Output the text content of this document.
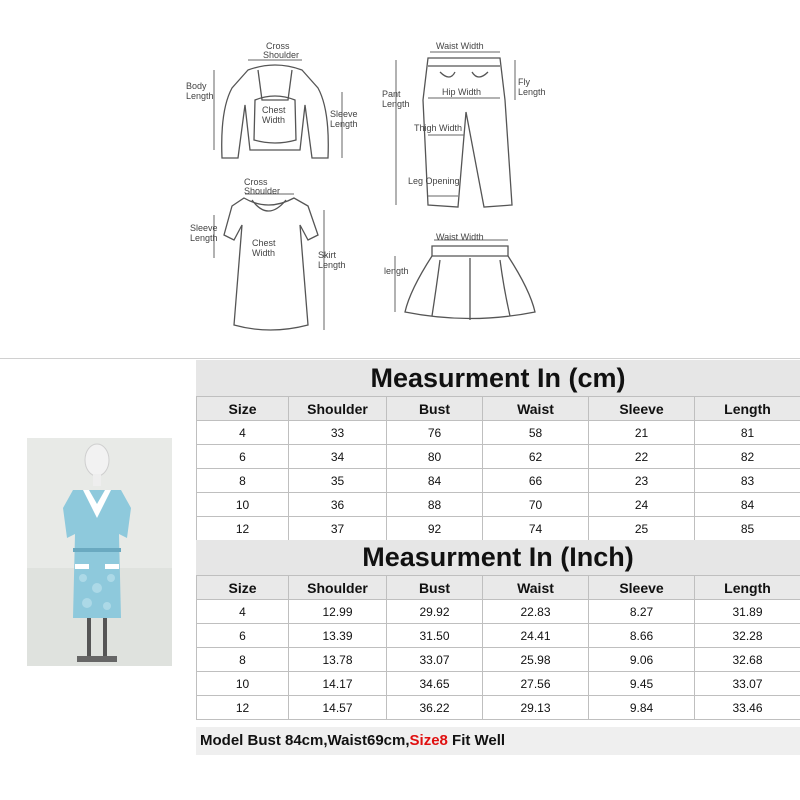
Cross
Shoulder
Body
Length
Chest
Width
Sleeve
Length
Waist Width
Pant
Length
Fly
Length
Hip Width
Thigh Width
Leg Opening
Cross
Shoulder
Sleeve
Length	Chest
Width	Skirt
Length
Waist Width
length
Measurment In (cm)
Size	Shoulder	Bust	Waist	Sleeve	Length
4	33	76	58	21	81
6	34	80	62	22	82
8	35	84	66	23	83
10	36	88	70	24	84
12	37	92	74	25	85
Measurment In (Inch)
Size	Shoulder	Bust	Waist	Sleeve	Length
4	12.99	29.92	22.83	8.27	31.89
6	13.39	31.50	24.41	8.66	32.28
8	13.78	33.07	25.98	9.06	32.68
10	14.17	34.65	27.56	9.45	33.07
12	14.57	36.22	29.13	9.84	33.46
Model Bust 84cm,Waist69cm,Size8 Fit Well
